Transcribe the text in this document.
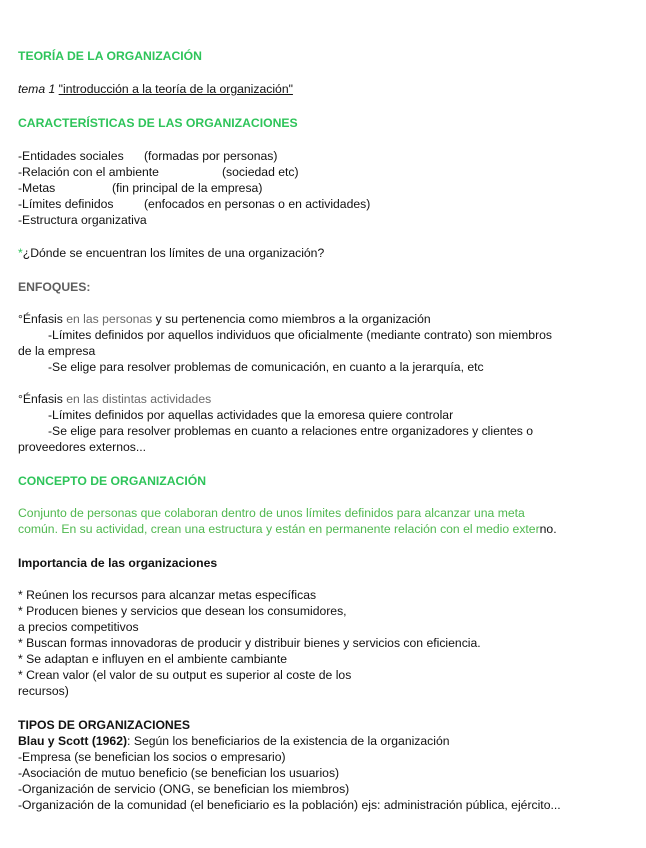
TEORÍA DE LA ORGANIZACIÓN
tema 1 "introducción a la teoría de la organización"
CARACTERÍSTICAS DE LAS ORGANIZACIONES
-Entidades sociales (formadas por personas)
-Relación con el ambiente	(sociedad etc)
-Metas	(fin principal de la empresa)
-Límites definidos (enfocados en personas o en actividades)
-Estructura organizativa
*¿Dónde se encuentran los límites de una organización?
ENFOQUES:
°Énfasis en las personas y su pertenencia como miembros a la organización
-Límites definidos por aquellos individuos que oficialmente (mediante contrato) son miembros
de la empresa
-Se elige para resolver problemas de comunicación, en cuanto a la jerarquía, etc
°Énfasis en las distintas actividades
-Límites definidos por aquellas actividades que la emoresa quiere controlar
-Se elige para resolver problemas en cuanto a relaciones entre organizadores y clientes o
proveedores externos...
CONCEPTO DE ORGANIZACIÓN
Conjunto de personas que colaboran dentro de unos límites definidos para alcanzar una meta
común. En su actividad, crean una estructura y están en permanente relación con el medio externo.
Importancia de las organizaciones
* Reúnen los recursos para alcanzar metas específicas
* Producen bienes y servicios que desean los consumidores,
a precios competitivos
* Buscan formas innovadoras de producir y distribuir bienes y servicios con eficiencia.
* Se adaptan e influyen en el ambiente cambiante
* Crean valor (el valor de su output es superior al coste de los
recursos)
TIPOS DE ORGANIZACIONES
Blau y Scott (1962): Según los beneficiarios de la existencia de la organización
-Empresa (se benefician los socios o empresario)
-Asociación de mutuo beneficio (se benefician los usuarios)
-Organización de servicio (ONG, se benefician los miembros)
-Organización de la comunidad (el beneficiario es la población) ejs: administración pública, ejército...
